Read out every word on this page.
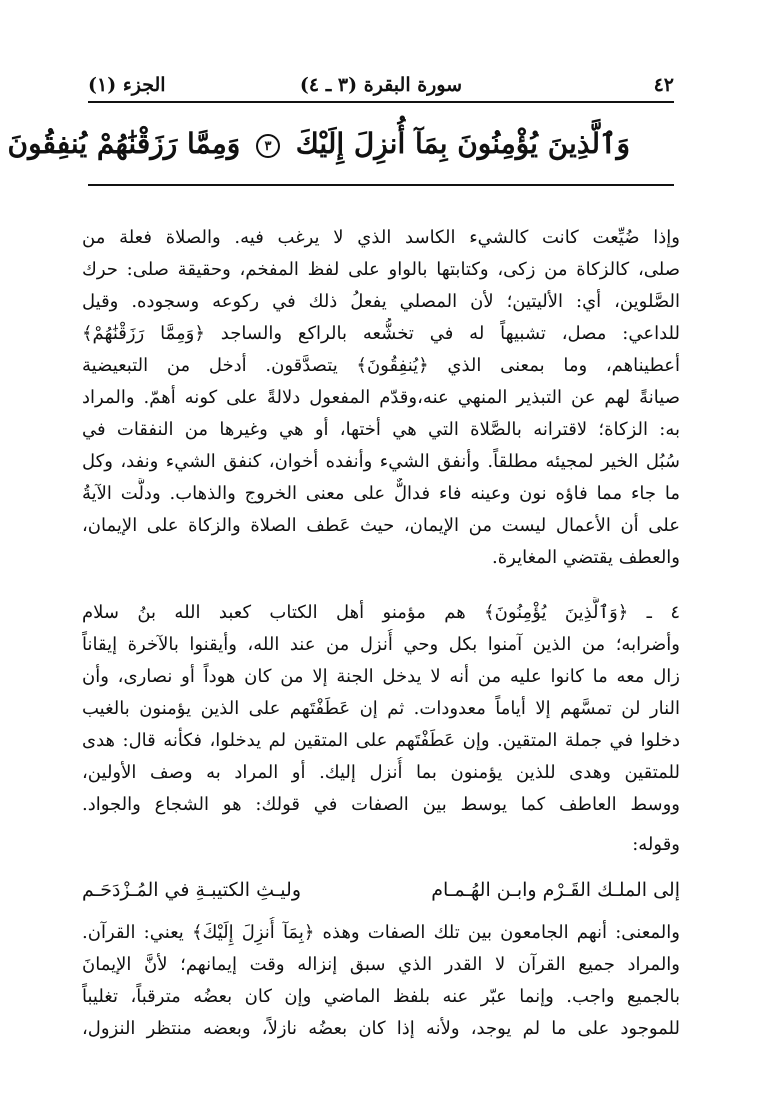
٤٢
سورة البقرة (٣ ـ ٤)
الجزء (١)
وَٱلَّذِينَ يُؤْمِنُونَ بِمَآ أُنزِلَ إِلَيْكَ ٣ وَمِمَّا رَزَقْنَٰهُمْ يُنفِقُونَ
وإذا ضُيِّعت كانت كالشيء الكاسد الذي لا يرغب فيه. والصلاة فعلة من
صلى، كالزكاة من زكى، وكتابتها بالواو على لفظ المفخم، وحقيقة صلى: حرك
الصَّلوين، أي: الأليتين؛ لأن المصلي يفعلُ ذلك في ركوعه وسجوده. وقيل
للداعي: مصل، تشبيهاً له في تخشُّعه بالراكع والساجد ﴿وَمِمَّا رَزَقْنَٰهُمْ﴾
أعطيناهم، وما بمعنى الذي ﴿يُنفِقُونَ﴾ يتصدَّقون. أدخل من التبعيضية
صيانةً لهم عن التبذير المنهي عنه،وقدّم المفعول دلالةً على كونه أهمّ. والمراد
به: الزكاة؛ لاقترانه بالصَّلاة التي هي أختها، أو هي وغيرها من النفقات في
سُبُل الخير لمجيئه مطلقاً. وأنفق الشيء وأنفده أخوان، كنفق الشيء ونفد، وكل
ما جاء مما فاؤه نون وعينه فاء فدالٌّ على معنى الخروج والذهاب. ودلَّت الآيةُ
على أن الأعمال ليست من الإيمان، حيث عَطف الصلاة والزكاة على الإيمان،
والعطف يقتضي المغايرة.
٤ ـ ﴿وَٱلَّذِينَ يُؤْمِنُونَ﴾ هم مؤمنو أهل الكتاب كعبد الله بنُ سلام
وأضرابه؛ من الذين آمنوا بكل وحي أُنزل من عند الله، وأيقنوا بالآخرة إيقاناً
زال معه ما كانوا عليه من أنه لا يدخل الجنة إلا من كان هوداً أو نصارى، وأن
النار لن تمسَّهم إلا أياماً معدودات. ثم إن عَطَفْتَهم على الذين يؤمنون بالغيب
دخلوا في جملة المتقين. وإن عَطَفْتَهم على المتقين لم يدخلوا، فكأنه قال: هدى
للمتقين وهدى للذين يؤمنون بما أُنزل إليك. أو المراد به وصف الأولين،
ووسط العاطف كما يوسط بين الصفات في قولك: هو الشجاع والجواد.
وقوله:
إلى الملـك القَـرْم وابـن الهُـمـام
وليـثِ الكتيبـةِ في المُـزْدَحَـم
والمعنى: أنهم الجامعون بين تلك الصفات وهذه ﴿بِمَآ أُنزِلَ إِلَيْكَ﴾ يعني: القرآن.
والمراد جميع القرآن لا القدر الذي سبق إنزاله وقت إيمانهم؛ لأنَّ الإيمانَ
بالجميع واجب. وإنما عبّر عنه بلفظ الماضي وإن كان بعضُه مترقباً، تغليباً
للموجود على ما لم يوجد، ولأنه إذا كان بعضُه نازلاً، وبعضه منتظر النزول،
